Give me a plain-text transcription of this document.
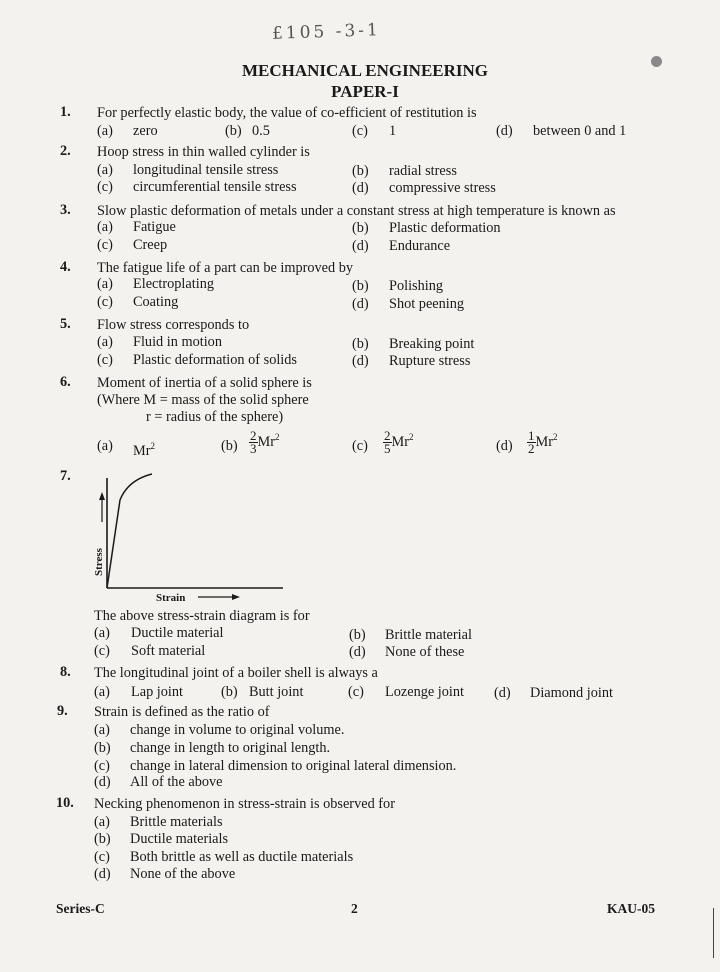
£105 -3-1
MECHANICAL ENGINEERING
PAPER-I
1. For perfectly elastic body, the value of co-efficient of restitution is
(a) zero	(b) 0.5	(c) 1	(d) between 0 and 1
2. Hoop stress in thin walled cylinder is
(a) longitudinal tensile stress	(b) radial stress
(c) circumferential tensile stress	(d) compressive stress
3. Slow plastic deformation of metals under a constant stress at high temperature is known as
(a) Fatigue	(b) Plastic deformation
(c) Creep	(d) Endurance
4. The fatigue life of a part can be improved by
(a) Electroplating	(b) Polishing
(c) Coating	(d) Shot peening
5. Flow stress corresponds to
(a) Fluid in motion	(b) Breaking point
(c) Plastic deformation of solids	(d) Rupture stress
6. Moment of inertia of a solid sphere is
(Where M = mass of the solid sphere
r = radius of the sphere)
(a) Mr$^2$	$(b) \frac{2}{3} Mr^2$
$(c) \frac{2}{5} Mr^2$
$(d) \frac{1}{2} Mr^2$
7.
Stress
Strain
The above stress-strain diagram is for
(a) Ductile material	(b) Brittle material
(c) Soft material	(d) None of these
8. The longitudinal joint of a boiler shell is always a
(a) Lap joint	(b) Butt joint	(c) Lozenge joint (d) Diamond joint
9. Strain is defined as the ratio of
(a) change in volume to original volume.
(b) change in length to original length.
(c) change in lateral dimension to original lateral dimension.
(d) All of the above
10. Necking phenomenon in stress-strain is observed for
(a) Brittle materials
(b) Ductile materials
(c) Both brittle as well as ductile materials
(d) None of the above
Series-C	2	KAU-05
